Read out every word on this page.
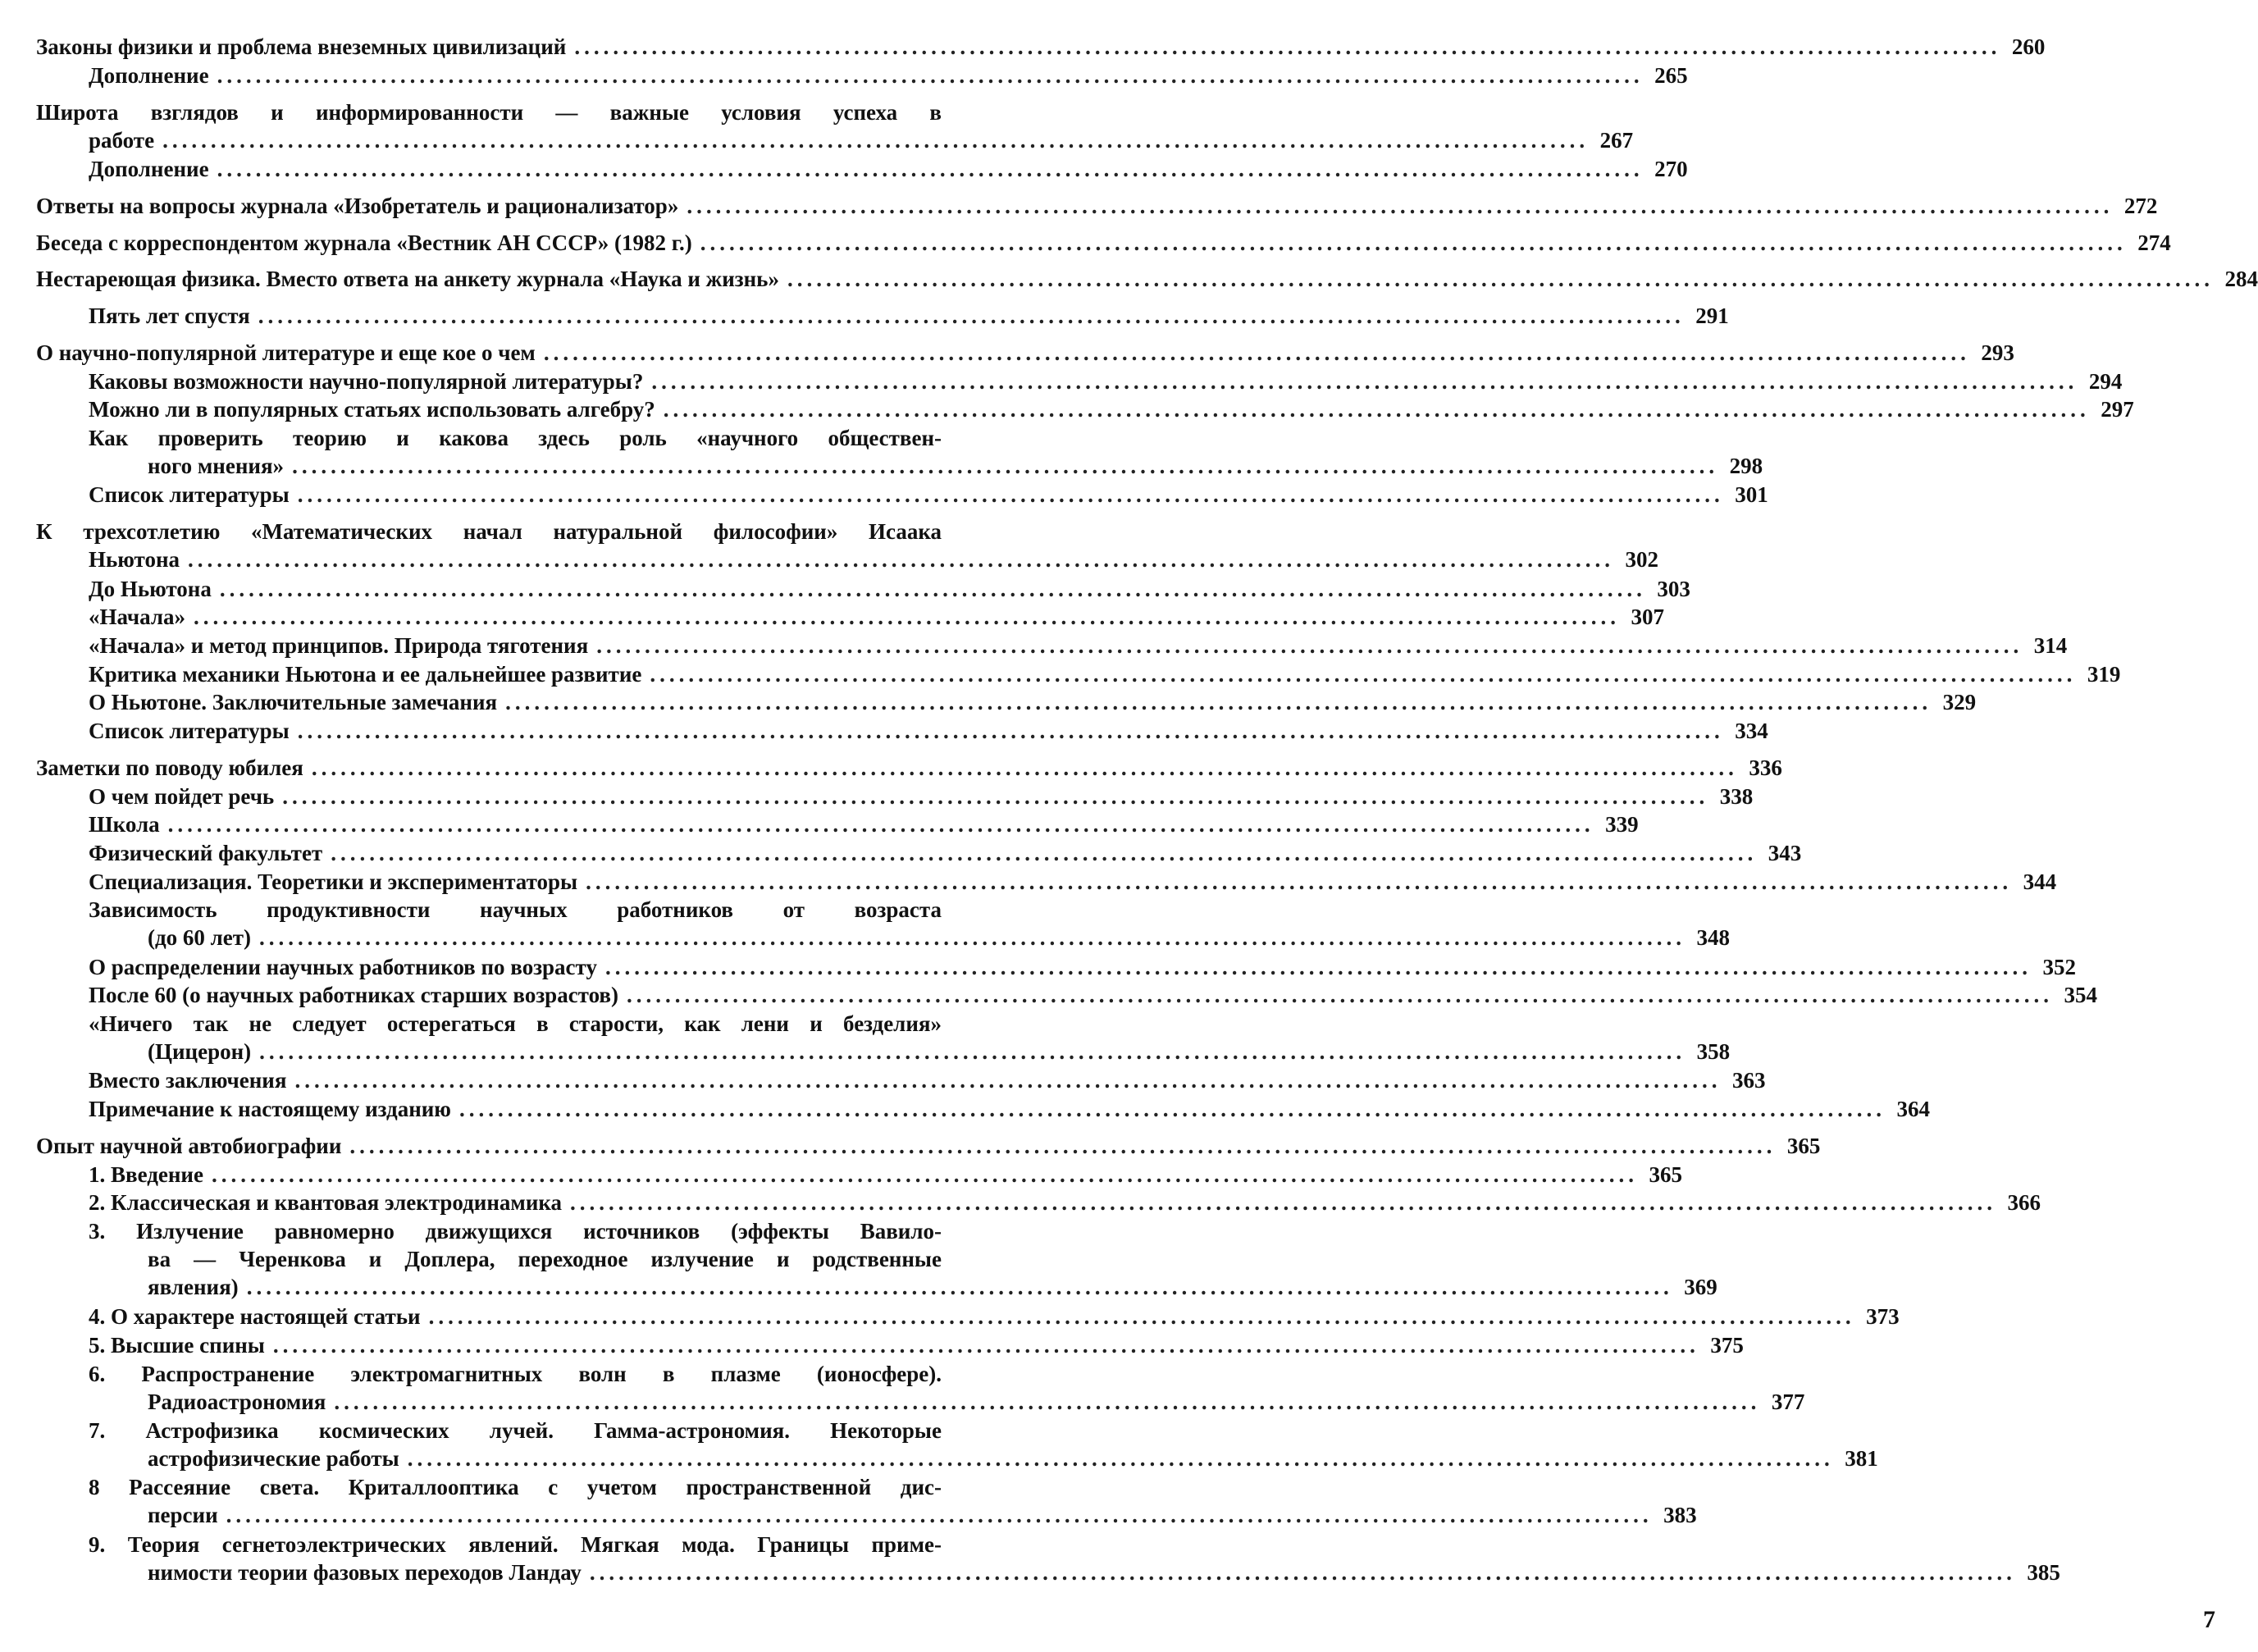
Законы физики и проблема внеземных цивилизаций .................................................................................................................................................... 260
Дополнение .................................................................................................................................................... 265
Широта взглядов и информированности — важные условия успеха в
работе .................................................................................................................................................... 267
Дополнение .................................................................................................................................................... 270
Ответы на вопросы журнала «Изобретатель и рационализатор» .................................................................................................................................................... 272
Беседа с корреспондентом журнала «Вестник АН СССР» (1982 г.) .................................................................................................................................................... 274
Нестареющая физика. Вместо ответа на анкету журнала «Наука и жизнь» .................................................................................................................................................... 284
Пять лет спустя .................................................................................................................................................... 291
О научно-популярной литературе и еще кое о чем .................................................................................................................................................... 293
Каковы возможности научно-популярной литературы? .................................................................................................................................................... 294
Можно ли в популярных статьях использовать алгебру? .................................................................................................................................................... 297
Как проверить теорию и какова здесь роль «научного обществен-
ного мнения» .................................................................................................................................................... 298
Список литературы .................................................................................................................................................... 301
К трехсотлетию «Математических начал натуральной философии» Исаака
Ньютона .................................................................................................................................................... 302
До Ньютона .................................................................................................................................................... 303
«Начала» .................................................................................................................................................... 307
«Начала» и метод принципов. Природа тяготения .................................................................................................................................................... 314
Критика механики Ньютона и ее дальнейшее развитие .................................................................................................................................................... 319
О Ньютоне. Заключительные замечания .................................................................................................................................................... 329
Список литературы .................................................................................................................................................... 334
Заметки по поводу юбилея .................................................................................................................................................... 336
О чем пойдет речь .................................................................................................................................................... 338
Школа .................................................................................................................................................... 339
Физический факультет .................................................................................................................................................... 343
Специализация. Теоретики и экспериментаторы .................................................................................................................................................... 344
Зависимость продуктивности научных работников от возраста
(до 60 лет) .................................................................................................................................................... 348
О распределении научных работников по возрасту .................................................................................................................................................... 352
После 60 (о научных работниках старших возрастов) .................................................................................................................................................... 354
«Ничего так не следует остерегаться в старости, как лени и безделия»
(Цицерон) .................................................................................................................................................... 358
Вместо заключения .................................................................................................................................................... 363
Примечание к настоящему изданию .................................................................................................................................................... 364
Опыт научной автобиографии .................................................................................................................................................... 365
1. Введение .................................................................................................................................................... 365
2. Классическая и квантовая электродинамика .................................................................................................................................................... 366
3. Излучение равномерно движущихся источников (эффекты Вавило-
ва — Черенкова и Доплера, переходное излучение и родственные
явления) .................................................................................................................................................... 369
4. О характере настоящей статьи .................................................................................................................................................... 373
5. Высшие спины .................................................................................................................................................... 375
6. Распространение электромагнитных волн в плазме (ионосфере).
Радиоастрономия .................................................................................................................................................... 377
7. Астрофизика космических лучей. Гамма-астрономия. Некоторые
астрофизические работы .................................................................................................................................................... 381
8 Рассеяние света. Криталлооптика с учетом пространственной дис-
персии .................................................................................................................................................... 383
9. Теория сегнетоэлектрических явлений. Мягкая мода. Границы приме-
нимости теории фазовых переходов Ландау .................................................................................................................................................... 385
7
